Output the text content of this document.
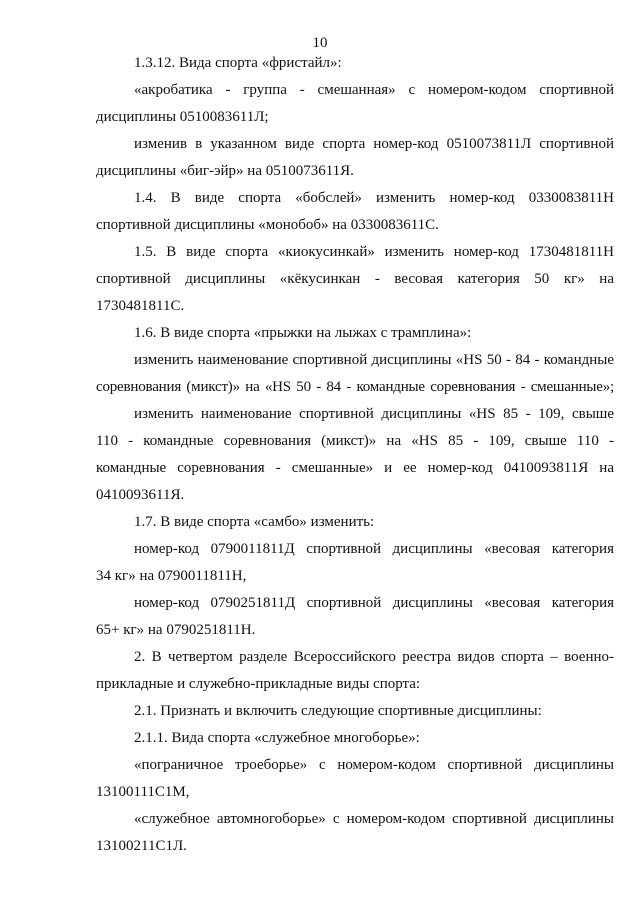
10
1.3.12. Вида спорта «фристайл»:
«акробатика - группа - смешанная» с номером-кодом спортивной
дисциплины 0510083611Л;
изменив в указанном виде спорта номер-код 0510073811Л спортивной
дисциплины «биг-эйр» на 0510073611Я.
1.4. В виде спорта «бобслей» изменить номер-код 0330083811Н
спортивной дисциплины «монобоб» на 0330083611С.
1.5. В виде спорта «киокусинкай» изменить номер-код 1730481811Н
спортивной дисциплины «кёкусинкан - весовая категория 50 кг» на
1730481811С.
1.6. В виде спорта «прыжки на лыжах с трамплина»:
изменить наименование спортивной дисциплины «HS 50 - 84 - командные
соревнования (микст)» на «HS 50 - 84 - командные соревнования - смешанные»;
изменить наименование спортивной дисциплины «HS 85 - 109, свыше
110 - командные соревнования (микст)» на «HS 85 - 109, свыше 110 -
командные соревнования - смешанные» и ее номер-код 0410093811Я на
0410093611Я.
1.7. В виде спорта «самбо» изменить:
номер-код 0790011811Д спортивной дисциплины «весовая категория
34 кг» на 0790011811Н,
номер-код 0790251811Д спортивной дисциплины «весовая категория
65+ кг» на 0790251811Н.
2. В четвертом разделе Всероссийского реестра видов спорта – военно-
прикладные и служебно-прикладные виды спорта:
2.1. Признать и включить следующие спортивные дисциплины:
2.1.1. Вида спорта «служебное многоборье»:
«пограничное троеборье» с номером-кодом спортивной дисциплины
13100111С1М,
«служебное автомногоборье» с номером-кодом спортивной дисциплины
13100211С1Л.
